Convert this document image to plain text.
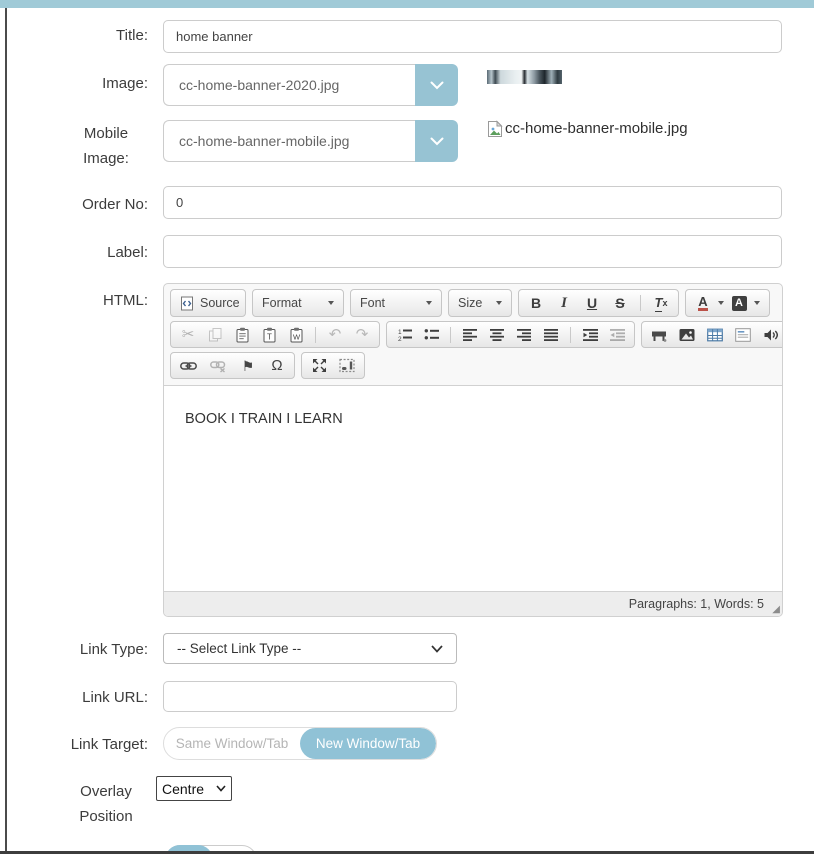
Title:
home banner
Image:	cc-home-banner-2020.jpg
Mobile Image:
cc-home-banner-mobile.jpg
cc-home-banner-mobile.jpg
Order No:
0
Label:
HTML:	Source Format	Font	Size	B	I	U S T x A	A
✂	T	W ↶ ↷	1
2
⚑ Ω
BOOK I TRAIN I LEARN
Paragraphs: 1, Words: 5 ◢
Link Type: -- Select Link Type --
Link URL:
Link Target:	Same Window/Tab	New Window/Tab
Overlay Position
Centre
